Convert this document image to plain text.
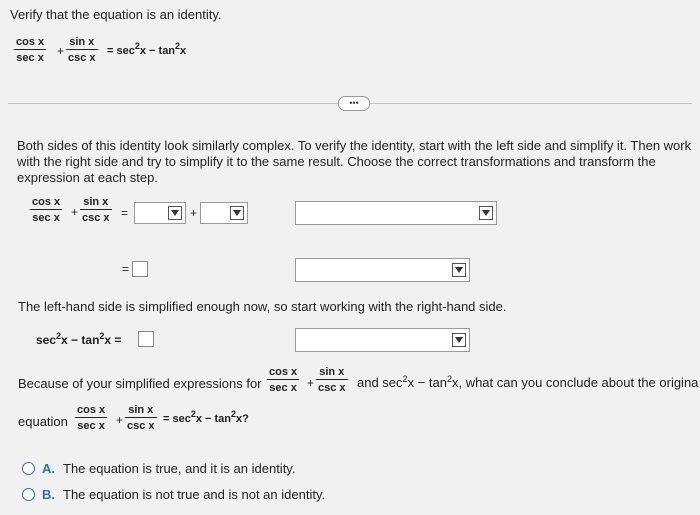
Verify that the equation is an identity.
cos x
sec x +
sin x
csc x
= $\sec^2x - \tan^2x$
•••
Both sides of this identity look similarly complex. To verify the identity, start with the left side and simplify it. Then work with the right side and try to simplify it to the same result. Choose the correct transformations and transform the expression at each step.
cos x
sec x +
sin x
csc x =	+
=
The left-hand side is simplified enough now, so start working with the right-hand side.
$\sec^2x - \tan^2x$ =
Because of your simplified expressions for
cos x
sec x +
sin x
csc x and $\sec^2x - \tan^2x$, what can you conclude about the origina
equation
cos x
sec x +
sin x
csc x
= $\sec^2x - \tan^2x$?
A. The equation is true, and it is an identity.
B. The equation is not true and is not an identity.
